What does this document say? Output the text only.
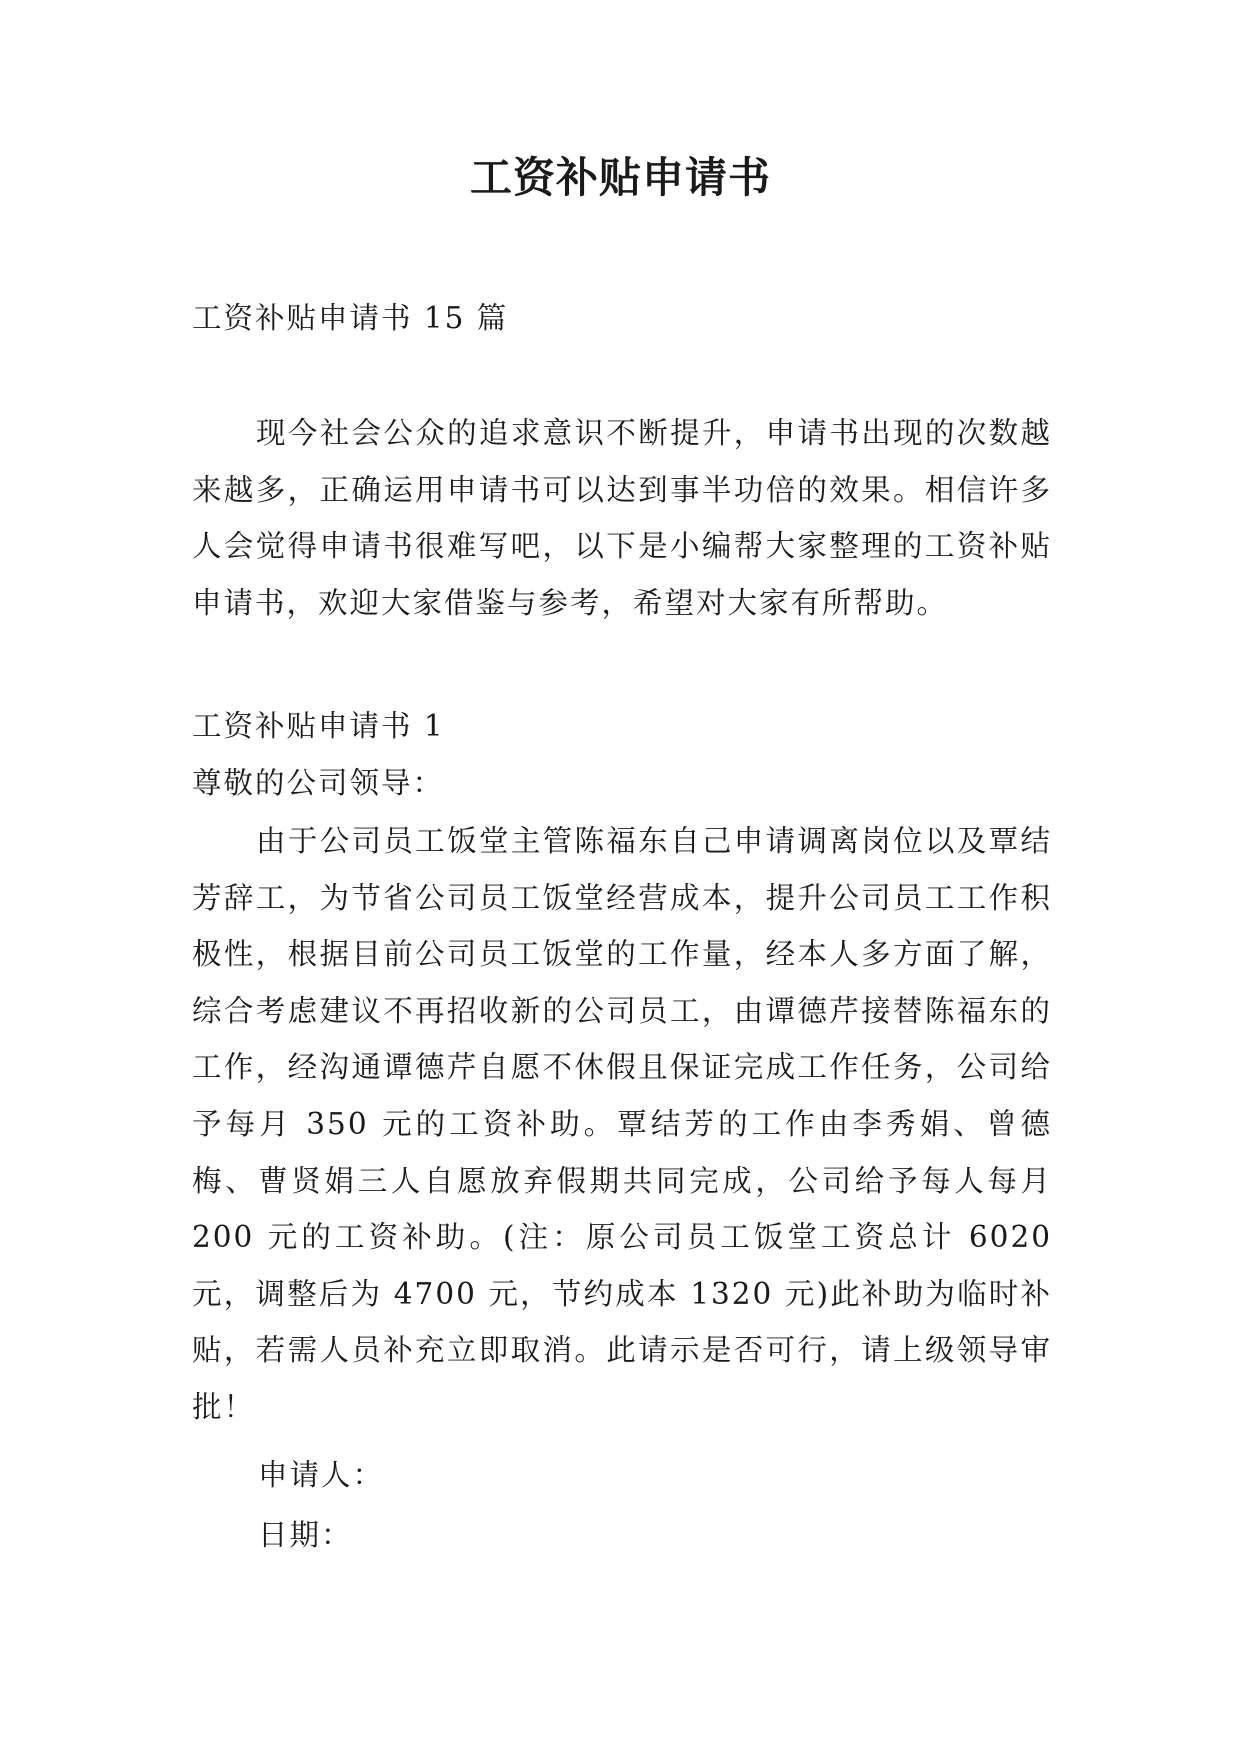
工资补贴申请书

工资补贴申请书 15 篇

现今社会公众的追求意识不断提升，申请书出现的次数越来越多，正确运用申请书可以达到事半功倍的效果。相信许多人会觉得申请书很难写吧，以下是小编帮大家整理的工资补贴申请书，欢迎大家借鉴与参考，希望对大家有所帮助。

工资补贴申请书 1

尊敬的公司领导：

由于公司员工饭堂主管陈福东自己申请调离岗位以及覃结芳辞工，为节省公司员工饭堂经营成本，提升公司员工工作积极性，根据目前公司员工饭堂的工作量，经本人多方面了解，综合考虑建议不再招收新的公司员工，由谭德芹接替陈福东的工作，经沟通谭德芹自愿不休假且保证完成工作任务，公司给予每月 350 元的工资补助。覃结芳的工作由李秀娟、曾德梅、曹贤娟三人自愿放弃假期共同完成，公司给予每人每月 200 元的工资补助。(注：原公司员工饭堂工资总计 6020 元，调整后为 4700 元，节约成本 1320 元)此补助为临时补贴，若需人员补充立即取消。此请示是否可行，请上级领导审批！

申请人：

日期：
